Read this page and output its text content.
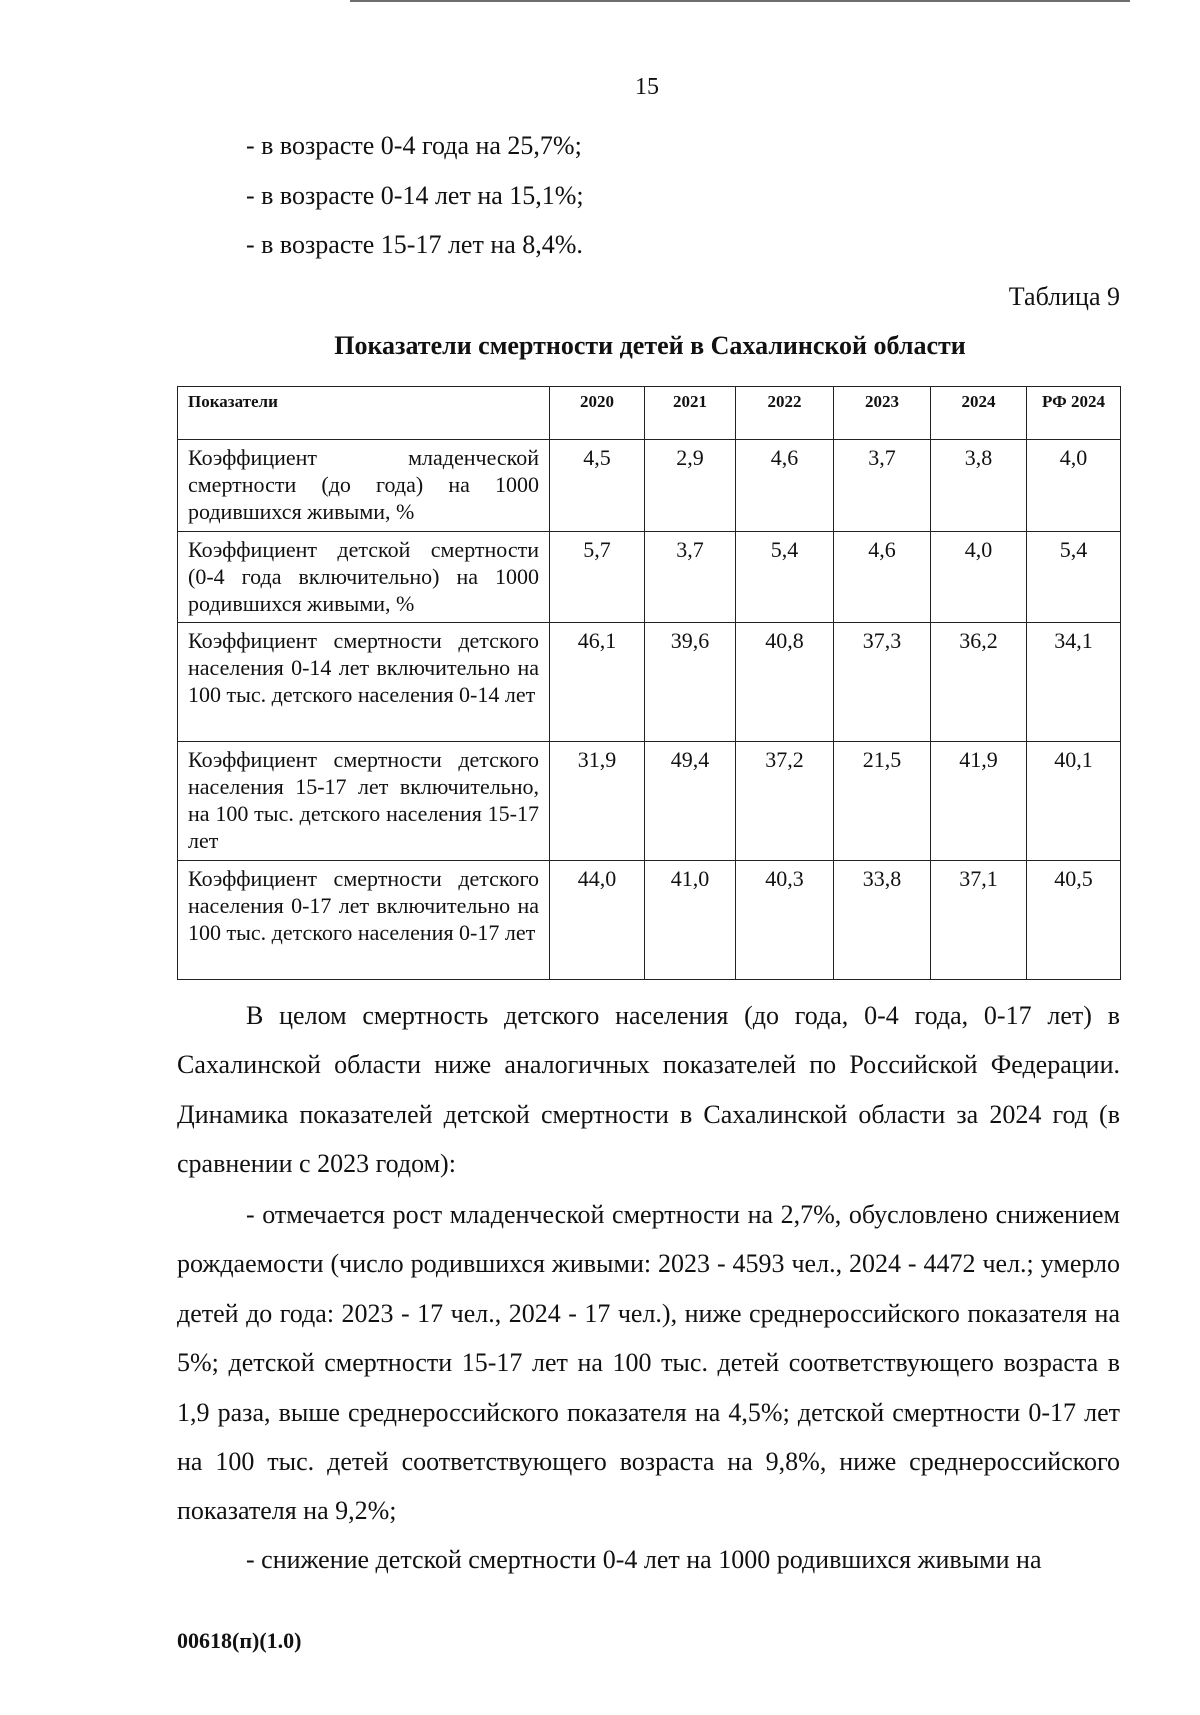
15
- в возрасте 0-4 года на 25,7%;
- в возрасте 0-14 лет на 15,1%;
- в возрасте 15-17 лет на 8,4%.
Таблица 9
Показатели смертности детей в Сахалинской области
Показатели	2020	2021	2022	2023	2024	РФ 2024
Коэффициент младенческой смертности (до года) на 1000 родившихся живыми, %	4,5	2,9	4,6	3,7	3,8	4,0
Коэффициент детской смертности (0-4 года включительно) на 1000 родившихся живыми, %	5,7	3,7	5,4	4,6	4,0	5,4
Коэффициент смертности детского населения 0-14 лет включительно на 100 тыс. детского населения 0-14 лет	46,1	39,6	40,8	37,3	36,2	34,1
Коэффициент смертности детского населения 15-17 лет включительно, на 100 тыс. детского населения 15-17 лет	31,9	49,4	37,2	21,5	41,9	40,1
Коэффициент смертности детского населения 0-17 лет включительно на 100 тыс. детского населения 0-17 лет	44,0	41,0	40,3	33,8	37,1	40,5

В целом смертность детского населения (до года, 0-4 года, 0-17 лет) в Сахалинской области ниже аналогичных показателей по Российской Федерации. Динамика показателей детской смертности в Сахалинской области за 2024 год (в сравнении с 2023 годом):

- отмечается рост младенческой смертности на 2,7%, обусловлено снижением рождаемости (число родившихся живыми: 2023 - 4593 чел., 2024 - 4472 чел.; умерло детей до года: 2023 - 17 чел., 2024 - 17 чел.), ниже среднероссийского показателя на 5%; детской смертности 15-17 лет на 100 тыс. детей соответствующего возраста в 1,9 раза, выше среднероссийского показателя на 4,5%; детской смертности 0-17 лет на 100 тыс. детей соответствующего возраста на 9,8%, ниже среднероссийского показателя на 9,2%;

- снижение детской смертности 0-4 лет на 1000 родившихся живыми на

00618(п)(1.0)
